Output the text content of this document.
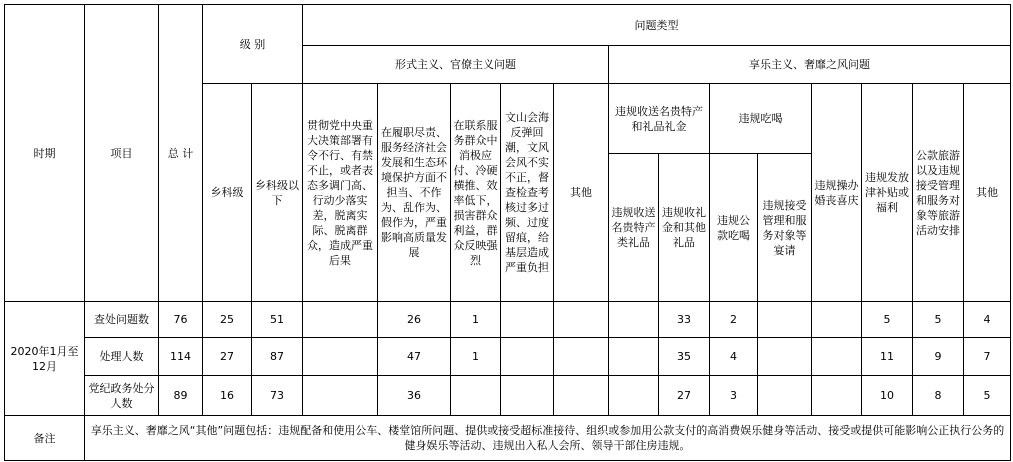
时期	项目	总 计	级 别		问题类型												
					形式主义、官僚主义问题					享乐主义、奢靡之风问题							
			乡科级	乡科级以下	贯彻党中央重大决策部署有令不行、有禁不止，或者表态多调门高、行动少落实差，脱离实际、脱离群众，造成严重后果	在履职尽责、服务经济社会发展和生态环境保护方面不担当、不作为、乱作为、假作为，严重影响高质量发展	在联系服务群众中消极应付、冷硬横推、效率低下，损害群众利益，群众反映强烈	文山会海反弹回潮，文风会风不实不正，督查检查考核过多过频、过度留痕，给基层造成严重负担	其他	违规收送名贵特产和礼品礼金		违规吃喝		违规操办婚丧喜庆	违规发放津补贴或福利	公款旅游以及违规接受管理和服务对象等旅游活动安排	其他
										违规收送名贵特产类礼品	违规收礼金和其他礼品	违规公款吃喝	违规接受管理和服务对象等宴请				
2020年1月至12月	查处问题数	76	25	51		26	1				33	2			5	5	4
	处理人数	114	27	87		47	1				35	4			11	9	7
	党纪政务处分人数	89	16	73		36					27	3			10	8	5
备注	享乐主义、奢靡之风“其他”问题包括：违规配备和使用公车、楼堂馆所问题、提供或接受超标准接待、组织或参加用公款支付的高消费娱乐健身等活动、接受或提供可能影响公正执行公务的健身娱乐等活动、违规出入私人会所、领导干部住房违规。																
